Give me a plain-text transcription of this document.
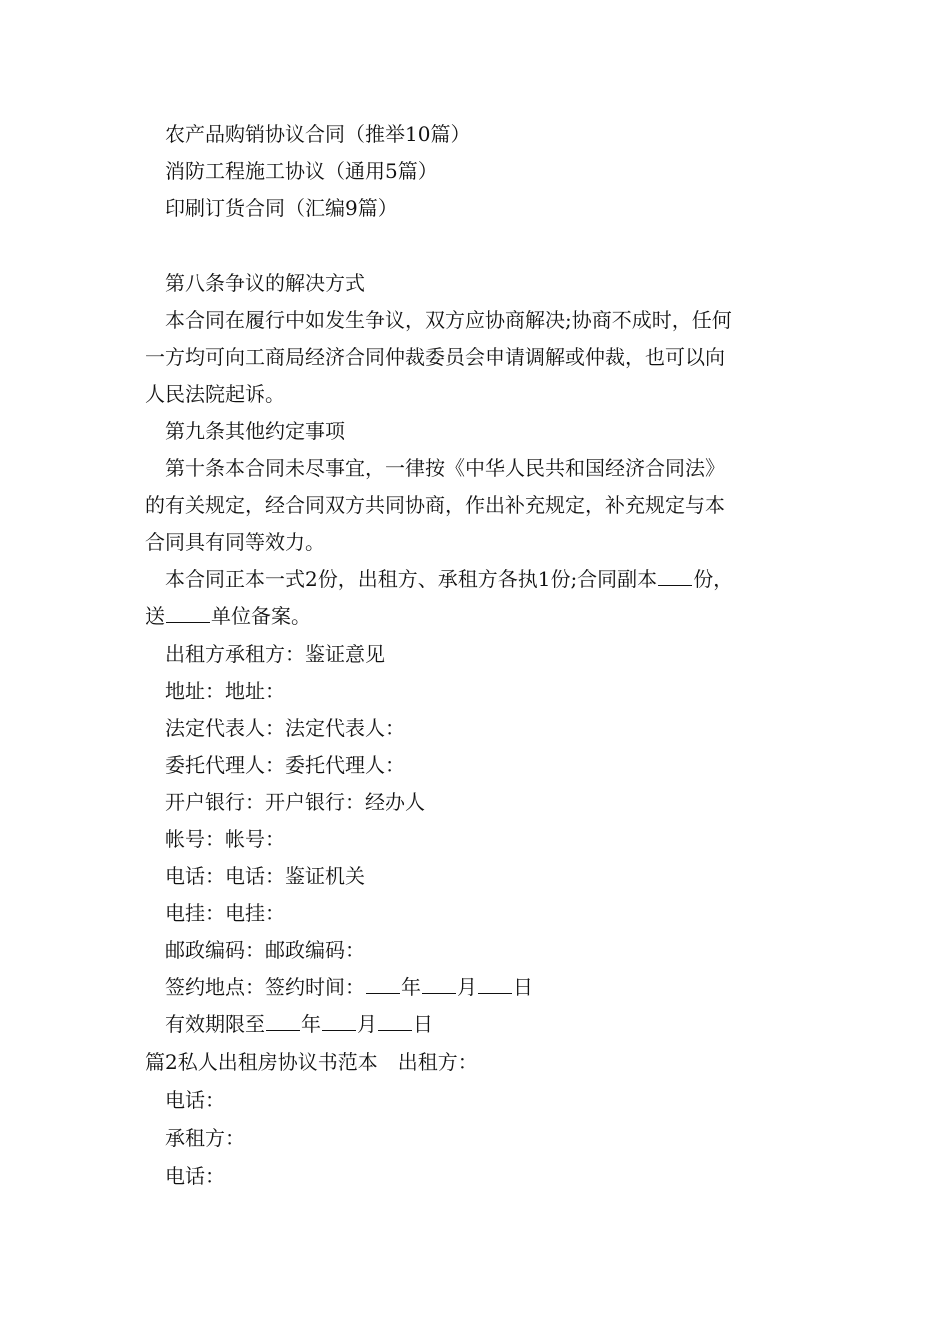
农产品购销协议合同（推举10篇）
消防工程施工协议（通用5篇）
印刷订货合同（汇编9篇）
第八条争议的解决方式
本合同在履行中如发生争议，双方应协商解决;协商不成时，任何
一方均可向工商局经济合同仲裁委员会申请调解或仲裁，也可以向
人民法院起诉。
第九条其他约定事项
第十条本合同未尽事宜，一律按《中华人民共和国经济合同法》
的有关规定，经合同双方共同协商，作出补充规定，补充规定与本
合同具有同等效力。
本合同正本一式2份，出租方、承租方各执1份;合同副本 份，
送 单位备案。
出租方承租方：鉴证意见
地址：地址：
法定代表人：法定代表人：
委托代理人：委托代理人：
开户银行：开户银行：经办人
帐号：帐号：
电话：电话：鉴证机关
电挂：电挂：
邮政编码：邮政编码：
签约地点：签约时间： 年 月 日
有效期限至 年 月 日
篇2私人出租房协议书范本　出租方：
电话：
承租方：
电话：
